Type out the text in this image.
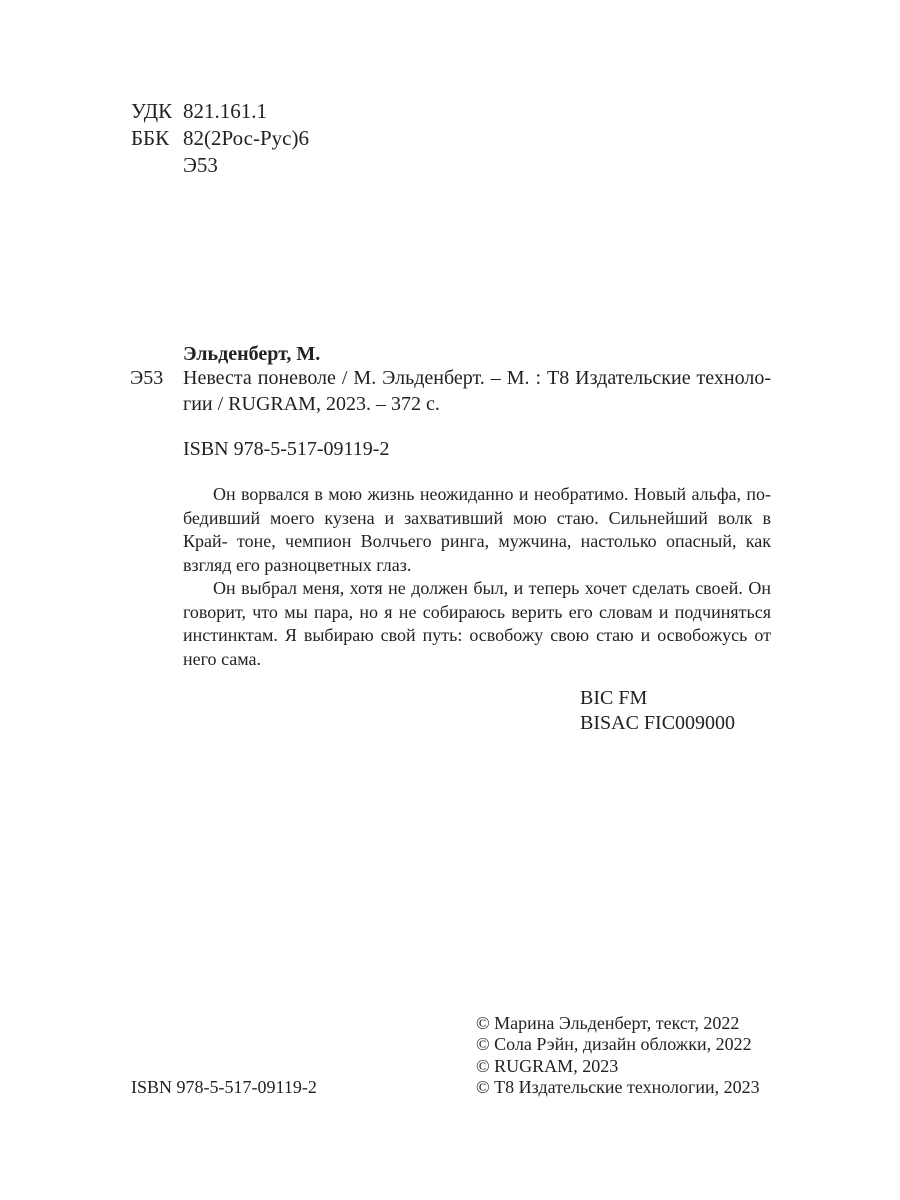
УДК 821.161.1
ББК 82(2Рос-Рус)6
Э53
Эльденберт, М.
Э53 Невеста поневоле / М. Эльденберт. – М. : Т8 Издательские техноло-
гии / RUGRAM, 2023. – 372 с.
ISBN 978-5-517-09119-2

Он ворвался в мою жизнь неожиданно и необратимо. Новый альфа, по- бедивший моего кузена и захвативший мою стаю. Сильнейший волк в Край- тоне, чемпион Волчьего ринга, мужчина, настолько опасный, как взгляд его разноцветных глаз.

Он выбрал меня, хотя не должен был, и теперь хочет сделать своей. Он говорит, что мы пара, но я не собираюсь верить его словам и подчиняться инстинктам. Я выбираю свой путь: освобожу свою стаю и освобожусь от него сама.

BIC FM
BISAC FIC009000
© Марина Эльденберт, текст, 2022
© Сола Рэйн, дизайн обложки, 2022
© RUGRAM, 2023
© Т8 Издательские технологии, 2023
ISBN 978-5-517-09119-2
